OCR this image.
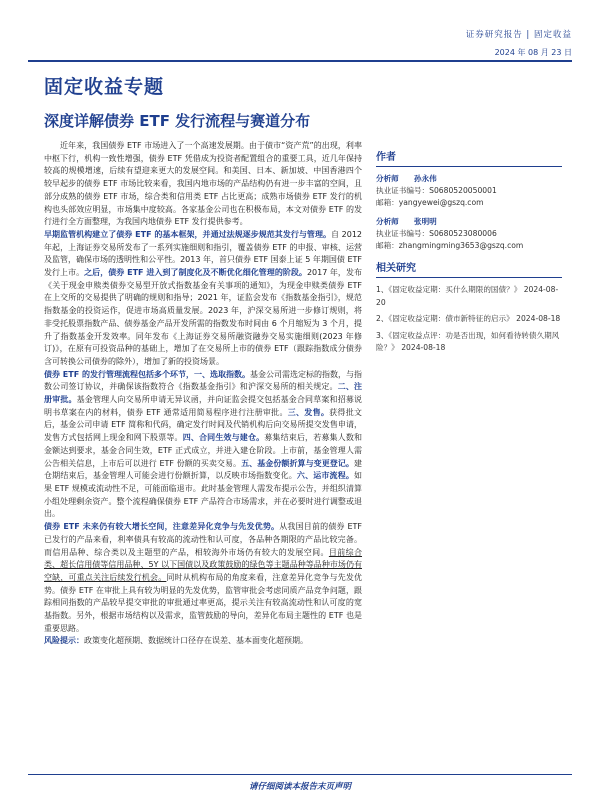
证券研究报告 | 固定收益
2024 年 08 月 23 日
固定收益专题
深度详解债券 ETF 发行流程与赛道分布

近年来，我国债券 ETF 市场进入了一个高速发展期。由于债市“资产荒”的出现，利率中枢下行，机构一致性增强，债券 ETF 凭借成为投资者配置组合的重要工具，近几年保持较高的规模增速，后续有望迎来更大的发展空间。和美国、日本、新加坡、中国香港四个较早起步的债券 ETF 市场比较来看，我国内地市场的产品结构仍有进一步丰富的空间，且部分成熟的债券 ETF 市场，综合类和信用类 ETF 占比更高；成熟市场债券 ETF 发行的机构也头部效应明显，市场集中度较高。各家基金公司也在积极布局，本文对债券 ETF 的发行进行全方面整理，为我国内地债券 ETF 发行提供参考。

早期监管机构建立了债券 ETF 的基本框架，并通过法规逐步规范其发行与管理。自 2012 年起，上海证券交易所发布了一系列实施细则和指引，覆盖债券 ETF 的申报、审核、运营及监管，确保市场的透明性和公平性。2013 年，首只债券 ETF 国泰上证 5 年期国债 ETF 发行上市。之后，债券 ETF 进入到了制度化及不断优化细化管理的阶段。2017 年，发布《关于现金申赎类债券交易型开放式指数基金有关事项的通知》，为现金申赎类债券 ETF 在上交所的交易提供了明确的规则和指导；2021 年，证监会发布《指数基金指引》，规范指数基金的投资运作，促进市场高质量发展。2023 年，沪深交易所进一步修订规则，将非受托股票指数产品、债券基金产品开发所需的指数发布时间由 6 个月缩短为 3 个月，提升了指数基金开发效率。同年发布《上海证券交易所融资融券交易实施细则(2023 年修订)》，在原有可投资品种的基础上，增加了在交易所上市的债券 ETF（跟踪指数成分债券含可转换公司债券的除外），增加了新的投资场景。

债券 ETF 的发行管理流程包括多个环节，一、选取指数。基金公司需选定标的指数，与指数公司签订协议，并确保该指数符合《指数基金指引》和沪深交易所的相关规定。二、注册审批。基金管理人向交易所申请无异议函，并向证监会提交包括基金合同草案和招募说明书草案在内的材料，债券 ETF 通常适用简易程序进行注册审批。三、发售。获得批文后，基金公司申请 ETF 简称和代码，确定发行时间及代销机构后向交易所提交发售申请，发售方式包括网上现金和网下股票等。四、合同生效与建仓。募集结束后，若募集人数和金额达到要求，基金合同生效，ETF 正式成立，并进入建仓阶段。上市前，基金管理人需公告相关信息，上市后可以进行 ETF 份额的买卖交易。五、基金份额折算与变更登记。建仓期结束后，基金管理人可能会进行份额折算，以反映市场指数变化。六、运市流程。如果 ETF 规模或流动性不足，可能面临退市。此时基金管理人需发布提示公告，并组织清算小组处理剩余资产。整个流程确保债券 ETF 产品符合市场需求，并在必要时进行调整或退出。

债券 ETF 未来仍有较大增长空间，注意差异化竞争与先发优势。从我国目前的债券 ETF 已发行的产品来看，利率债具有较高的流动性和认可度，各品种各期限的产品比较完备。而信用品种、综合类以及主题型的产品，相较海外市场仍有较大的发展空间。目前综合类、超长信用债等信用品种、5Y 以下国债以及政策鼓励的绿色等主题品种等品种市场仍有空缺，可重点关注后续发行机会。同时从机构布局的角度来看，注意差异化竞争与先发优势。债券 ETF 在审批上具有较为明显的先发优势，监管审批会考虑同质产品竞争问题，跟踪相同指数的产品较早提交审批的审批通过率更高，提示关注有较高流动性和认可度的宽基指数。另外，根据市场结构以及需求，监管鼓励的导向，差异化布局主题性的 ETF 也是重要思路。

风险提示：政策变化超预期、数据统计口径存在误差、基本面变化超预期。

作者
分析师 孙永伟
执业证书编号：S0680520050001
邮箱：yangyewei@gszq.com
分析师 张明明
执业证书编号：S0680523080006
邮箱：zhangmingming3653@gszq.com
相关研究
1、《固定收益定期：买什么期限的国债？》 2024-08-20
2、《固定收益定期：债市新特征的启示》 2024-08-18
3、《固定收益点评：功是否出现，如何看待转债久期风险？》 2024-08-18
请仔细阅读本报告末页声明
